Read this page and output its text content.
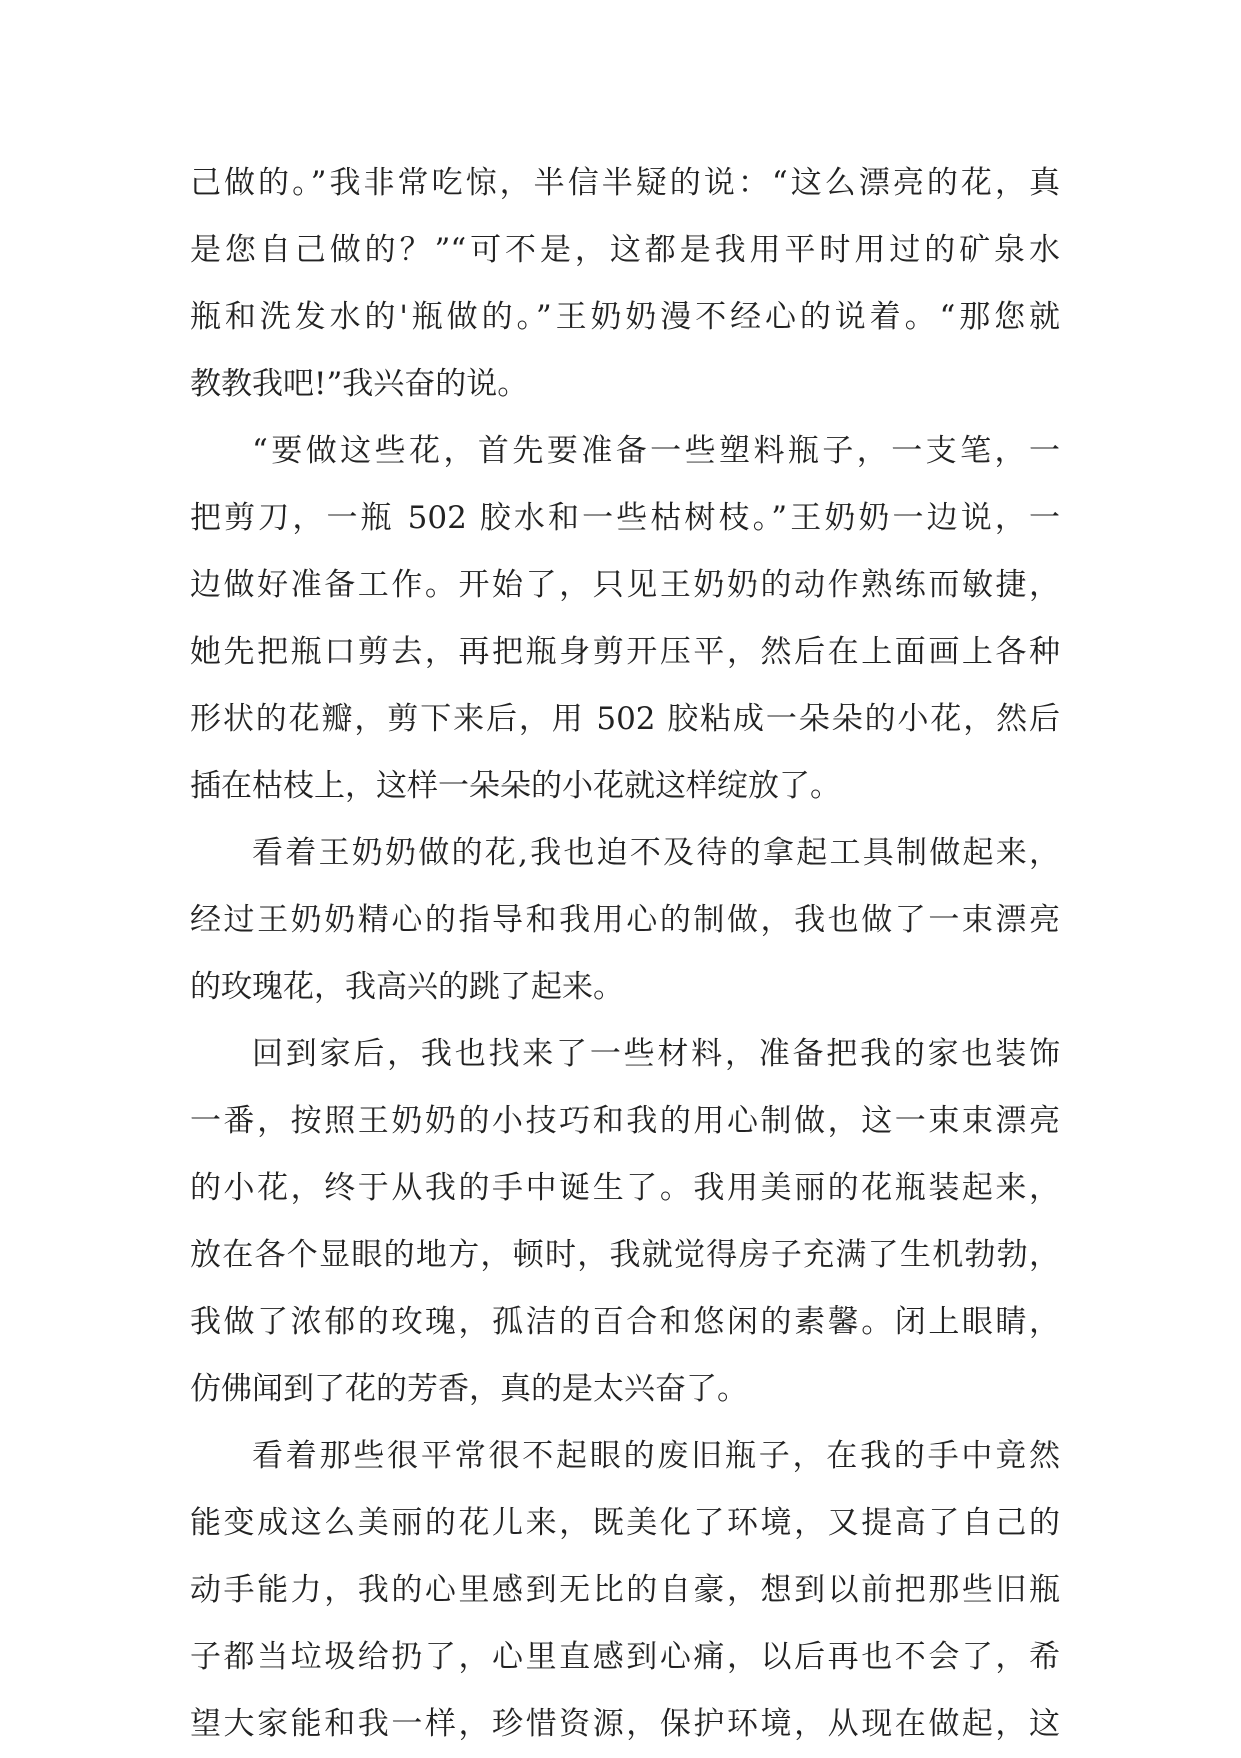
己做的。”我非常吃惊，半信半疑的说：“这么漂亮的花，真
是您自己做的？”“可不是，这都是我用平时用过的矿泉水
瓶和洗发水的'瓶做的。”王奶奶漫不经心的说着。“那您就
教教我吧!”我兴奋的说。
“要做这些花，首先要准备一些塑料瓶子，一支笔，一
把剪刀，一瓶 502 胶水和一些枯树枝。”王奶奶一边说，一
边做好准备工作。开始了，只见王奶奶的动作熟练而敏捷，
她先把瓶口剪去，再把瓶身剪开压平，然后在上面画上各种
形状的花瓣，剪下来后，用 502 胶粘成一朵朵的小花，然后
插在枯枝上，这样一朵朵的小花就这样绽放了。
看着王奶奶做的花,我也迫不及待的拿起工具制做起来，
经过王奶奶精心的指导和我用心的制做，我也做了一束漂亮
的玫瑰花，我高兴的跳了起来。
回到家后，我也找来了一些材料，准备把我的家也装饰
一番，按照王奶奶的小技巧和我的用心制做，这一束束漂亮
的小花，终于从我的手中诞生了。我用美丽的花瓶装起来，
放在各个显眼的地方，顿时，我就觉得房子充满了生机勃勃，
我做了浓郁的玫瑰，孤洁的百合和悠闲的素馨。闭上眼睛，
仿佛闻到了花的芳香，真的是太兴奋了。
看着那些很平常很不起眼的废旧瓶子，在我的手中竟然
能变成这么美丽的花儿来，既美化了环境，又提高了自己的
动手能力，我的心里感到无比的自豪，想到以前把那些旧瓶
子都当垃圾给扔了，心里直感到心痛，以后再也不会了，希
望大家能和我一样，珍惜资源，保护环境，从现在做起，这
